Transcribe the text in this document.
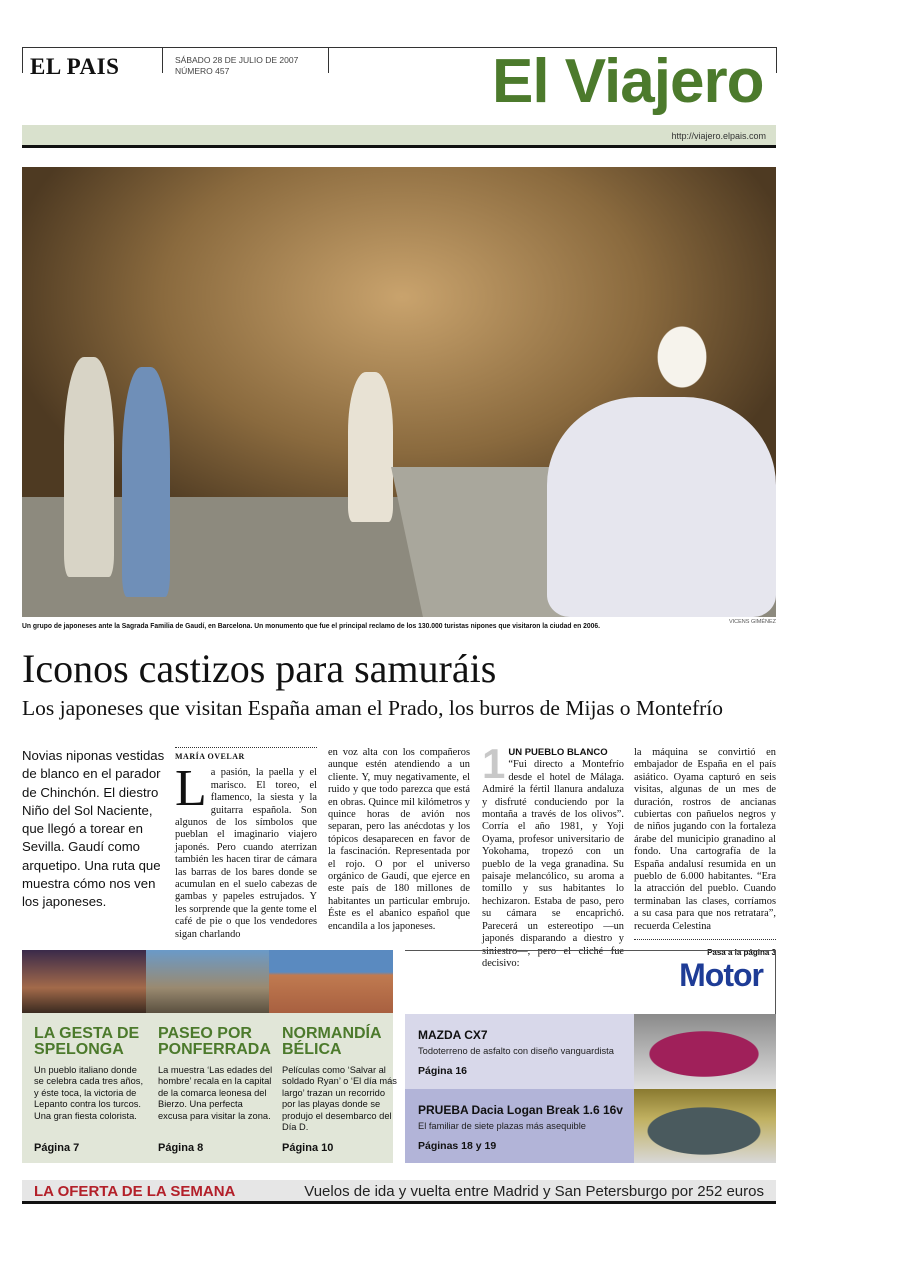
EL PAIS	SÁBADO 28 DE JULIO DE 2007
NÚMERO 457	El Viajero
http://viajero.elpais.com
Un grupo de japoneses ante la Sagrada Familia de Gaudí, en Barcelona. Un monumento que fue el principal reclamo de los 130.000 turistas nipones que visitaron la ciudad en 2006.	VICENS GIMÉNEZ
Iconos castizos para samuráis
Los japoneses que visitan España aman el Prado, los burros de Mijas o Montefrío
Novias niponas vestidas de blanco en el parador de Chinchón. El diestro Niño del Sol Naciente, que llegó a torear en Sevilla. Gaudí como arquetipo. Una ruta que muestra cómo nos ven los japoneses.
MARÍA OVELAR
L a pasión, la paella y el marisco. El toreo, el flamenco, la siesta y la guitarra española. Son algunos de los símbolos que pueblan el imaginario viajero japonés. Pero cuando aterrizan también les hacen tirar de cámara las barras de los bares donde se acumulan en el suelo cabezas de gambas y papeles estrujados. Y les sorprende que la gente tome el café de pie o que los vendedores sigan charlando
en voz alta con los compañeros aunque estén atendiendo a un cliente. Y, muy negativamente, el ruido y que todo parezca que está en obras. Quince mil kilómetros y quince horas de avión nos separan, pero las anécdotas y los tópicos desaparecen en favor de la fascinación. Representada por el rojo. O por el universo orgánico de Gaudí, que ejerce en este país de 180 millones de habitantes un particular embrujo. Éste es el abanico español que encandila a los japoneses.
1 UN PUEBLO BLANCO
“Fui directo a Montefrío desde el hotel de Málaga. Admiré la fértil llanura andaluza y disfruté conduciendo por la montaña a través de los olivos”. Corría el año 1981, y Yoji Oyama, profesor universitario de Yokohama, tropezó con un pueblo de la vega granadina. Su paisaje melancólico, su aroma a tomillo y sus habitantes lo hechizaron. Estaba de paso, pero su cámara se encaprichó. Parecerá un estereotipo —un japonés disparando a diestro y siniestro—, pero el cliché fue decisivo:
la máquina se convirtió en embajador de España en el país asiático. Oyama capturó en seis visitas, algunas de un mes de duración, rostros de ancianas cubiertas con pañuelos negros y de niños jugando con la fortaleza árabe del municipio granadino al fondo. Una cartografía de la España andalusí resumida en un pueblo de 6.000 habitantes. “Era la atracción del pueblo. Cuando terminaban las clases, corríamos a su casa para que nos retratara”, recuerda Celestina
Pasa a la página 3
LA GESTA DE SPELONGA

Un pueblo italiano donde se celebra cada tres años, y éste toca, la victoria de Lepanto contra los turcos. Una gran fiesta colorista.

Página 7
PASEO POR PONFERRADA

La muestra ‘Las edades del hombre’ recala en la capital de la comarca leonesa del Bierzo. Una perfecta excusa para visitar la zona.

Página 8
NORMANDÍA BÉLICA

Películas como ‘Salvar al soldado Ryan’ o ‘El día más largo’ trazan un recorrido por las playas donde se produjo el desembarco del Día D.

Página 10
Motor
MAZDA CX7
Todoterreno de asfalto con diseño vanguardista
Página 16
PRUEBA Dacia Logan Break 1.6 16v
El familiar de siete plazas más asequible
Páginas 18 y 19
LA OFERTA DE LA SEMANA	Vuelos de ida y vuelta entre Madrid y San Petersburgo por 252 euros
